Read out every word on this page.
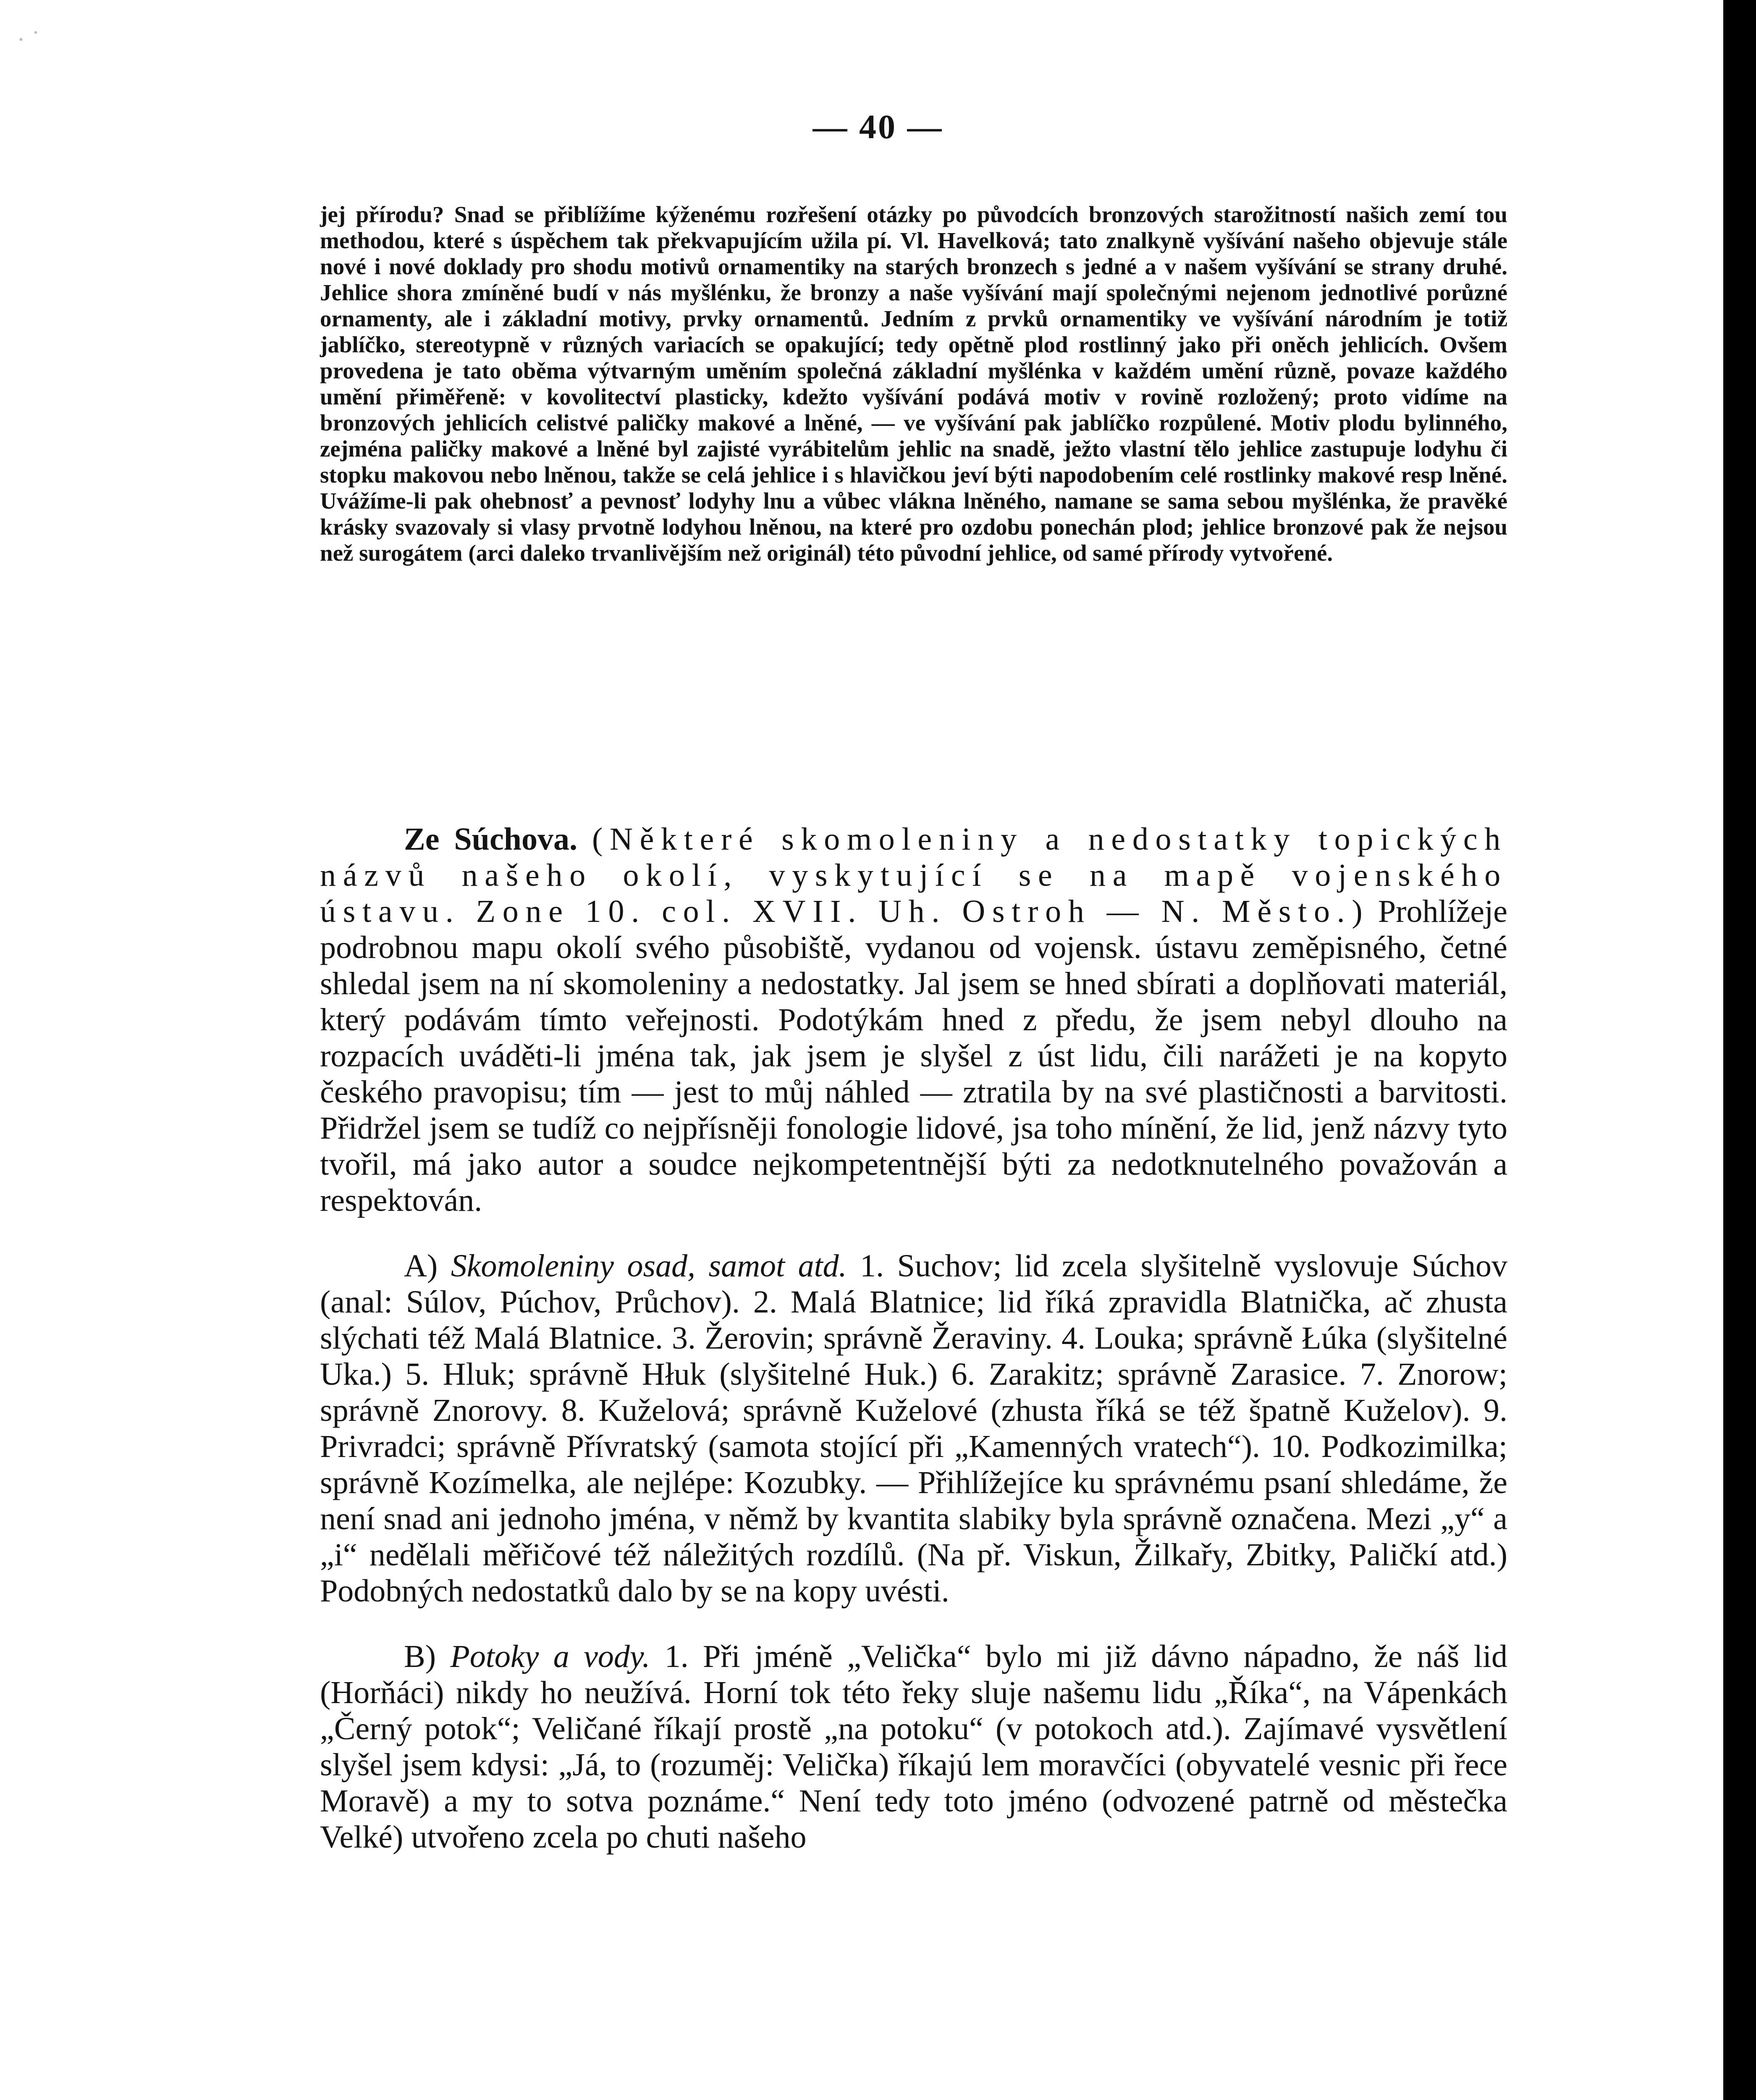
· ˙
— 40 —

jej přírodu? Snad se přiblížíme kýženému rozřešení otázky po původcích bronzových starožitností našich zemí tou methodou, které s úspěchem tak překvapujícím užila pí. Vl. Havelková; tato znalkyně vyšívání našeho objevuje stále nové i nové doklady pro shodu motivů ornamentiky na starých bronzech s jedné a v našem vyšívání se strany druhé. Jehlice shora zmíněné budí v nás myšlénku, že bronzy a naše vyšívání mají společnými nejenom jednotlivé porůzné ornamenty, ale i základní motivy, prvky ornamentů. Jedním z prvků ornamentiky ve vyšívání národním je totiž jablíčko, stereotypně v různých variacích se opakující; tedy opětně plod rostlinný jako při oněch jehlicích. Ovšem provedena je tato oběma výtvarným uměním společná základní myšlénka v každém umění různě, povaze každého umění přiměřeně: v kovolitectví plasticky, kdežto vyšívání podává motiv v rovině rozložený; proto vidíme na bronzových jehlicích celistvé paličky makové a lněné, — ve vyšívání pak jablíčko rozpůlené. Motiv plodu bylinného, zejména paličky makové a lněné byl zajisté vyrábitelům jehlic na snadě, ježto vlastní tělo jehlice zastupuje lodyhu či stopku makovou nebo lněnou, takže se celá jehlice i s hlavičkou jeví býti napodobením celé rostlinky makové resp lněné. Uvážíme-li pak ohebnosť a pevnosť lodyhy lnu a vůbec vlákna lněného, namane se sama sebou myšlénka, že pravěké krásky svazovaly si vlasy prvotně lodyhou lněnou, na které pro ozdobu ponechán plod; jehlice bronzové pak že nejsou než surogátem (arci daleko trvanlivějším než originál) této původní jehlice, od samé přírody vytvořené.

Ze Súchova. (Některé skomoleniny a nedostatky topických názvů našeho okolí, vyskytující se na mapě vojenského ústavu. Zone 10. col. XVII. Uh. Ostroh — N. Město.) Prohlížeje podrobnou mapu okolí svého působiště, vydanou od vojensk. ústavu zeměpisného, četné shledal jsem na ní skomoleniny a nedostatky. Jal jsem se hned sbírati a doplňovati materiál, který podávám tímto veřejnosti. Podotýkám hned z předu, že jsem nebyl dlouho na rozpacích uváděti-li jména tak, jak jsem je slyšel z úst lidu, čili narážeti je na kopyto českého pravopisu; tím — jest to můj náhled — ztratila by na své plastičnosti a barvitosti. Přidržel jsem se tudíž co nejpřísněji fonologie lidové, jsa toho mínění, že lid, jenž názvy tyto tvořil, má jako autor a soudce nejkompetentnější býti za nedotknutelného považován a respektován.

A) Skomoleniny osad, samot atd. 1. Suchov; lid zcela slyšitelně vyslovuje Súchov (anal: Súlov, Púchov, Průchov). 2. Malá Blatnice; lid říká zpravidla Blatnička, ač zhusta slýchati též Malá Blatnice. 3. Žerovin; správně Žeraviny. 4. Louka; správně Łúka (slyšitelné Uka.) 5. Hluk; správně Hłuk (slyšitelné Huk.) 6. Zarakitz; správně Zarasice. 7. Znorow; správně Znorovy. 8. Kuželová; správně Kuželové (zhusta říká se též špatně Kuželov). 9. Privradci; správně Přívratský (samota stojící při „Kamenných vratech“). 10. Podkozimilka; správně Kozímelka, ale nejlépe: Kozubky. — Přihlížejíce ku správnému psaní shledáme, že není snad ani jednoho jména, v němž by kvantita slabiky byla správně označena. Mezi „y“ a „i“ nedělali měřičové též náležitých rozdílů. (Na př. Viskun, Žilkařy, Zbitky, Paličkí atd.) Podobných nedostatků dalo by se na kopy uvésti.

B) Potoky a vody. 1. Při jméně „Velička“ bylo mi již dávno nápadno, že náš lid (Horňáci) nikdy ho neužívá. Horní tok této řeky sluje našemu lidu „Říka“, na Vápenkách „Černý potok“; Veličané říkají prostě „na potoku“ (v potokoch atd.). Zajímavé vysvětlení slyšel jsem kdysi: „Já, to (rozuměj: Velička) říkajú lem moravčíci (obyvatelé vesnic při řece Moravě) a my to sotva poznáme.“ Není tedy toto jméno (odvozené patrně od městečka Velké) utvořeno zcela po chuti našeho
